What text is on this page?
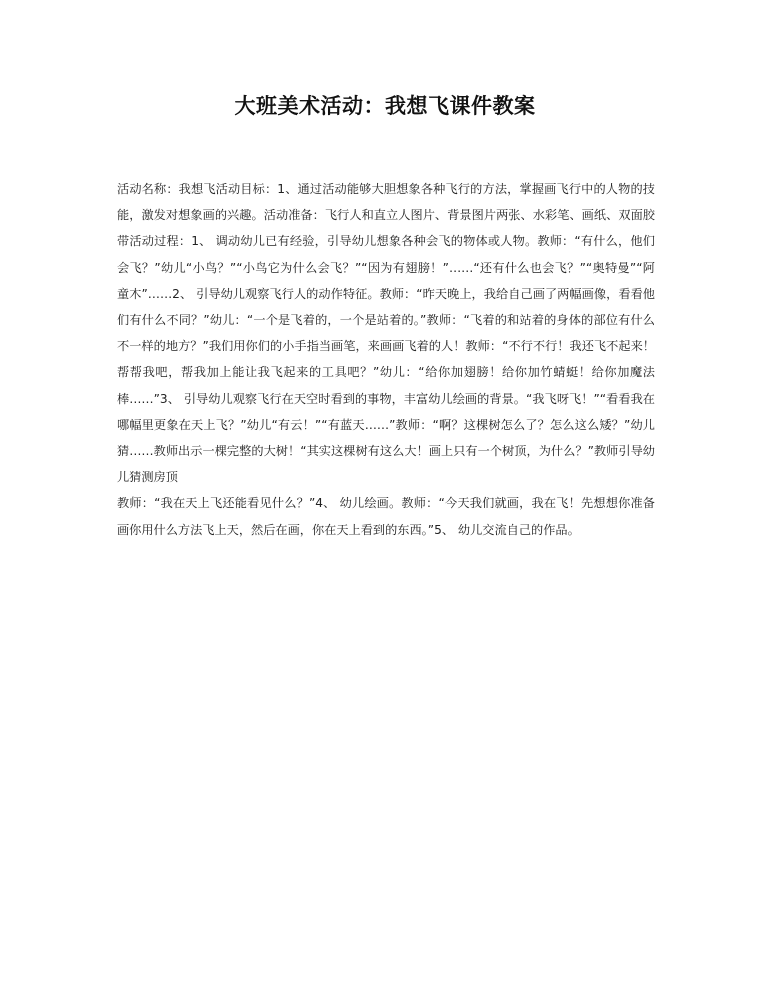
大班美术活动：我想飞课件教案

活动名称：我想飞活动目标：1、通过活动能够大胆想象各种飞行的方法，掌握画飞行中的人物的技能，激发对想象画的兴趣。活动准备：飞行人和直立人图片、背景图片两张、水彩笔、画纸、双面胶带活动过程：1、 调动幼儿已有经验，引导幼儿想象各种会飞的物体或人物。教师：“有什么，他们会飞？”幼儿“小鸟？”“小鸟它为什么会飞？”“因为有翅膀！”……“还有什么也会飞？”“奥特曼”“阿童木”……2、 引导幼儿观察飞行人的动作特征。教师：“昨天晚上，我给自己画了两幅画像，看看他们有什么不同？”幼儿：“一个是飞着的，一个是站着的。”教师：“飞着的和站着的身体的部位有什么不一样的地方？”我们用你们的小手指当画笔，来画画飞着的人！教师：“不行不行！我还飞不起来！帮帮我吧，帮我加上能让我飞起来的工具吧？”幼儿：“给你加翅膀！给你加竹蜻蜓！给你加魔法棒……”3、 引导幼儿观察飞行在天空时看到的事物，丰富幼儿绘画的背景。“我飞呀飞！”“看看我在哪幅里更象在天上飞？”幼儿“有云！”“有蓝天……”教师：“啊？这棵树怎么了？怎么这么矮？”幼儿猜……教师出示一棵完整的大树！“其实这棵树有这么大！画上只有一个树顶，为什么？”教师引导幼儿猜测房顶

教师：“我在天上飞还能看见什么？”4、 幼儿绘画。教师：“今天我们就画，我在飞！先想想你准备画你用什么方法飞上天，然后在画，你在天上看到的东西。”5、 幼儿交流自己的作品。
